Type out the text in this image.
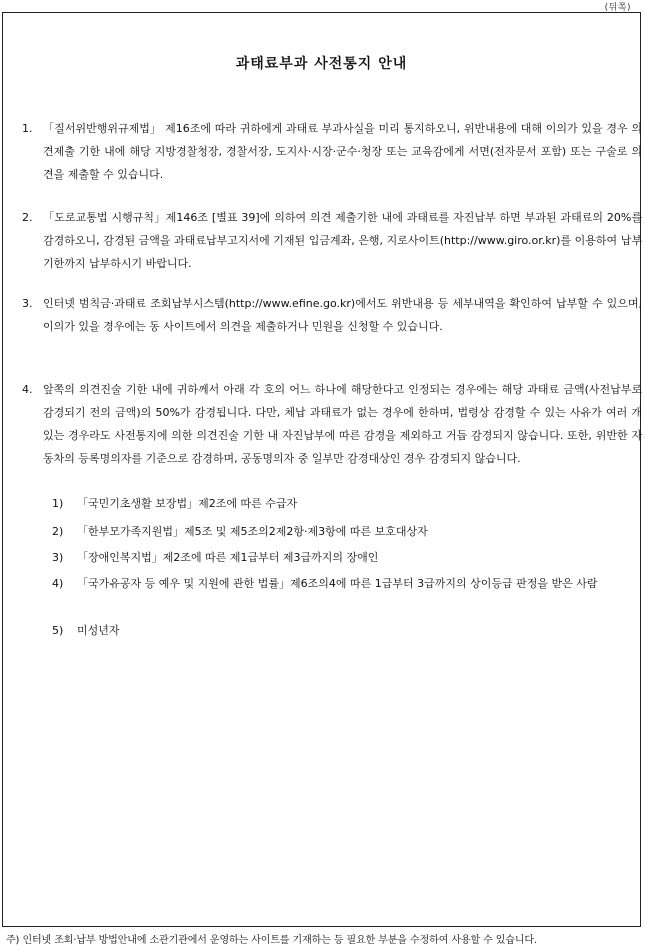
(뒤쪽)
과태료부과 사전통지 안내
1. 「질서위반행위규제법」 제16조에 따라 귀하에게 과태료 부과사실을 미리 통지하오니, 위반내용에 대해 이의가 있을 경우 의견제출 기한 내에 해당 지방경찰청장, 경찰서장, 도지사·시장·군수·청장 또는 교육감에게 서면(전자문서 포함) 또는 구술로 의견을 제출할 수 있습니다.
2. 「도로교통법 시행규칙」제146조 [별표 39]에 의하여 의견 제출기한 내에 과태료를 자진납부 하면 부과된 과태료의 20%를 감경하오니, 감경된 금액을 과태료납부고지서에 기재된 입금계좌, 은행, 지로사이트(http://www.giro.or.kr)를 이용하여 납부기한까지 납부하시기 바랍니다.
3. 인터넷 범칙금·과태료 조회납부시스템(http://www.efine.go.kr)에서도 위반내용 등 세부내역을 확인하여 납부할 수 있으며, 이의가 있을 경우에는 동 사이트에서 의견을 제출하거나 민원을 신청할 수 있습니다.
4. 앞쪽의 의견진술 기한 내에 귀하께서 아래 각 호의 어느 하나에 해당한다고 인정되는 경우에는 해당 과태료 금액(사전납부로 감경되기 전의 금액)의 50%가 감경됩니다. 다만, 체납 과태료가 없는 경우에 한하며, 법령상 감경할 수 있는 사유가 여러 개 있는 경우라도 사전통지에 의한 의견진술 기한 내 자진납부에 따른 감경을 제외하고 거듭 감경되지 않습니다. 또한, 위반한 자동차의 등록명의자를 기준으로 감경하며, 공동명의자 중 일부만 감경대상인 경우 감경되지 않습니다.
1)	「국민기초생활 보장법」제2조에 따른 수급자
2)	「한부모가족지원법」제5조 및 제5조의2제2항·제3항에 따른 보호대상자
3)	「장애인복지법」제2조에 따른 제1급부터 제3급까지의 장애인
4)	「국가유공자 등 예우 및 지원에 관한 법률」제6조의4에 따른 1급부터 3급까지의 상이등급 판정을 받은 사람
5)	미성년자
주) 인터넷 조회·납부 방법안내에 소관기관에서 운영하는 사이트를 기재하는 등 필요한 부분을 수정하여 사용할 수 있습니다.
